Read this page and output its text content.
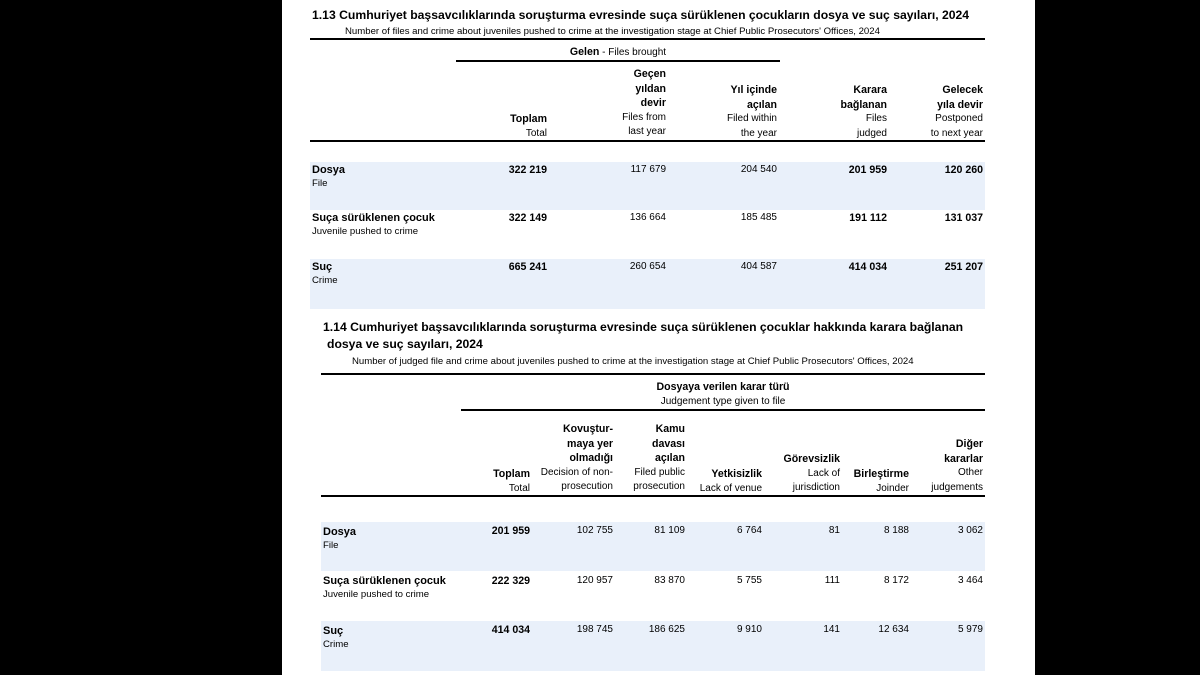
1.13 Cumhuriyet başsavcılıklarında soruşturma evresinde suça sürüklenen çocukların dosya ve suç sayıları, 2024
Number of files and crime about juveniles pushed to crime at the investigation stage at Chief Public Prosecutors' Offices, 2024
Gelen - Files brought
Toplam
Total
Geçen
yıldan
devir
Files from
last year
Yıl içinde
açılan
Filed within
the year
Karara
bağlanan
Files
judged
Gelecek
yıla devir
Postponed
to next year
Dosya
File
322 219	117 679	204 540	201 959	120 260
Suça sürüklenen çocuk
Juvenile pushed to crime
322 149	136 664	185 485	191 112	131 037
Suç
Crime
665 241	260 654	404 587	414 034	251 207
1.14 Cumhuriyet başsavcılıklarında soruşturma evresinde suça sürüklenen çocuklar hakkında karara bağlanan
dosya ve suç sayıları, 2024
Number of judged file and crime about juveniles pushed to crime at the investigation stage at Chief Public Prosecutors' Offices, 2024
Dosyaya verilen karar türü
Judgement type given to file
Toplam
Total
Kovuştur-
maya yer
olmadığı
Decision of non-
prosecution
Kamu
davası
açılan
Filed public
prosecution
Yetkisizlik
Lack of venue
Görevsizlik
Lack of
jurisdiction
Birleştirme
Joinder
Diğer
kararlar
Other
judgements
Dosya
File
201 959	102 755	81 109	6 764	81	8 188	3 062
Suça sürüklenen çocuk
Juvenile pushed to crime
222 329	120 957	83 870	5 755	111	8 172	3 464
Suç
Crime
414 034	198 745	186 625	9 910	141	12 634	5 979
